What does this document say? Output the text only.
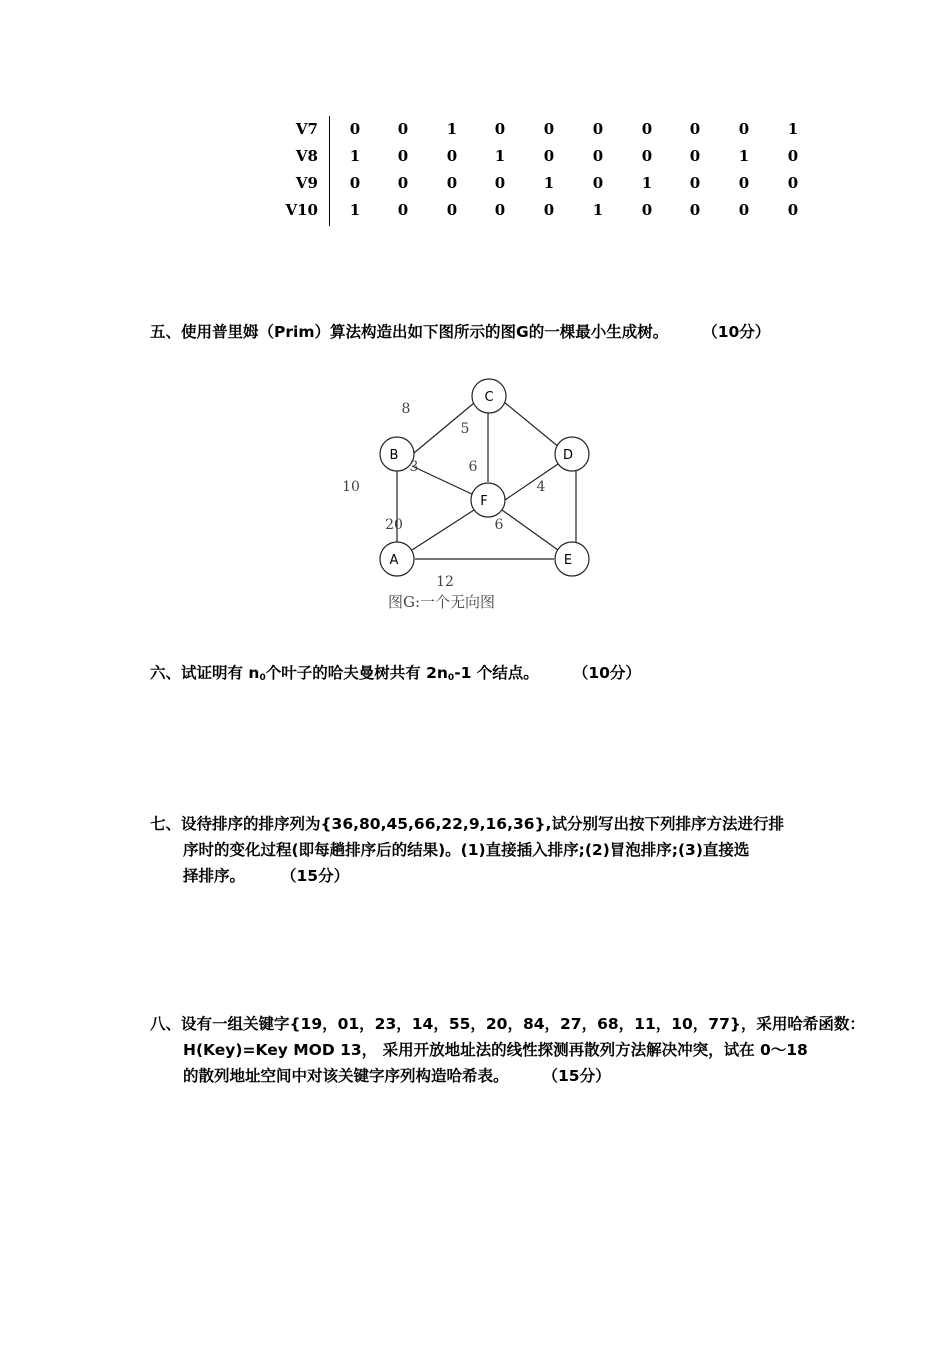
V7	0	0	1	0	0	0	0	0	0	1
V8	1	0	0	1	0	0	0	0	1	0
V9	0	0	0	0	1	0	1	0	0	0
V10	1	0	0	0	0	1	0	0	0	0
五、使用普里姆（Prim）算法构造出如下图所示的图G的一棵最小生成树。 （10分）
C
B	D
F
A	E
8
5
6
3
10	4
20	6
12
图G:一个无向图
六、试证明有 $n_0$个叶子的哈夫曼树共有 $2n_0-1$ 个结点。 （10分）
七、设待排序的排序列为{36,80,45,66,22,9,16,36},试分别写出按下列排序方法进行排
序时的变化过程(即每趟排序后的结果)。(1)直接插入排序;(2)冒泡排序;(3)直接选
择排序。 （15分）
八、设有一组关键字{19，01，23，14，55，20，84，27，68，11，10，77}，采用哈希函数：
H(Key)=Key MOD 13， 采用开放地址法的线性探测再散列方法解决冲突，试在 0～18
的散列地址空间中对该关键字序列构造哈希表。 （15分）
